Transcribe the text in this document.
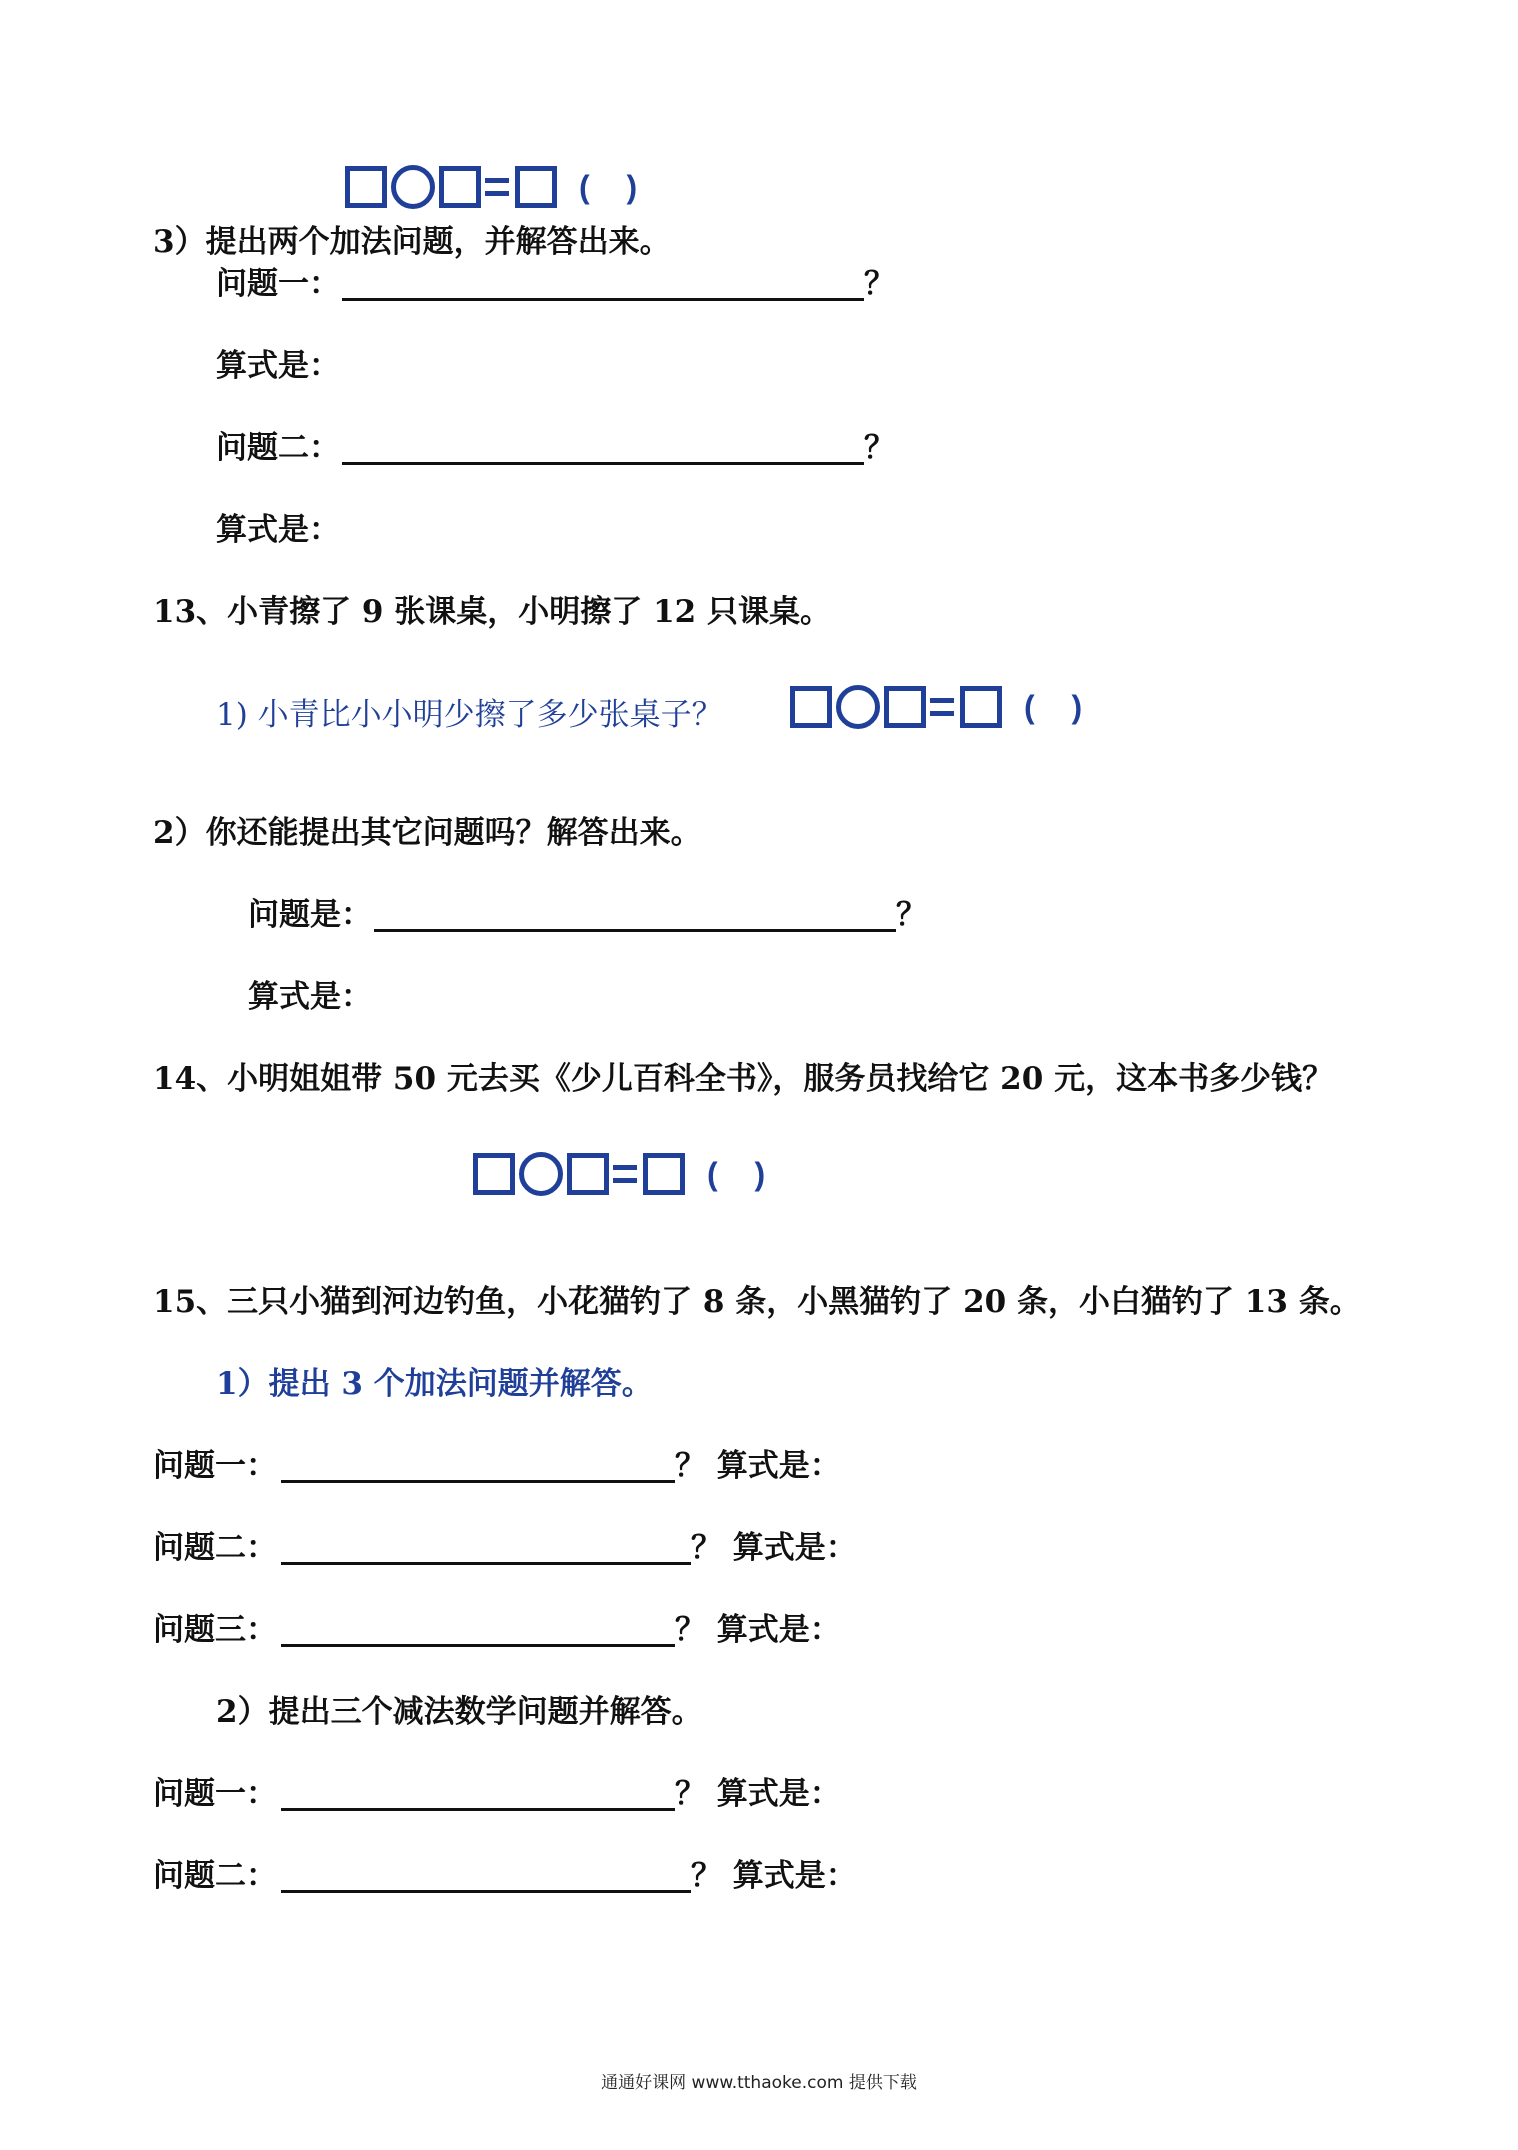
( )
3）提出两个加法问题，并解答出来。
问题一：	？
算式是：
问题二：	？
算式是：
13、小青擦了 9 张课桌，小明擦了 12 只课桌。
1) 小青比小小明少擦了多少张桌子？	( )
2）你还能提出其它问题吗？解答出来。
问题是：	？
算式是：
14、小明姐姐带 50 元去买《少儿百科全书》，服务员找给它 20 元，这本书多少钱？
( )
15、三只小猫到河边钓鱼，小花猫钓了 8 条，小黑猫钓了 20 条，小白猫钓了 13 条。
1）提出 3 个加法问题并解答。
问题一：	？ 算式是：
问题二：	？ 算式是：
问题三：	？ 算式是：
2）提出三个减法数学问题并解答。
问题一：	？ 算式是：
问题二：	？ 算式是：
通通好课网 www.tthaoke.com 提供下载
